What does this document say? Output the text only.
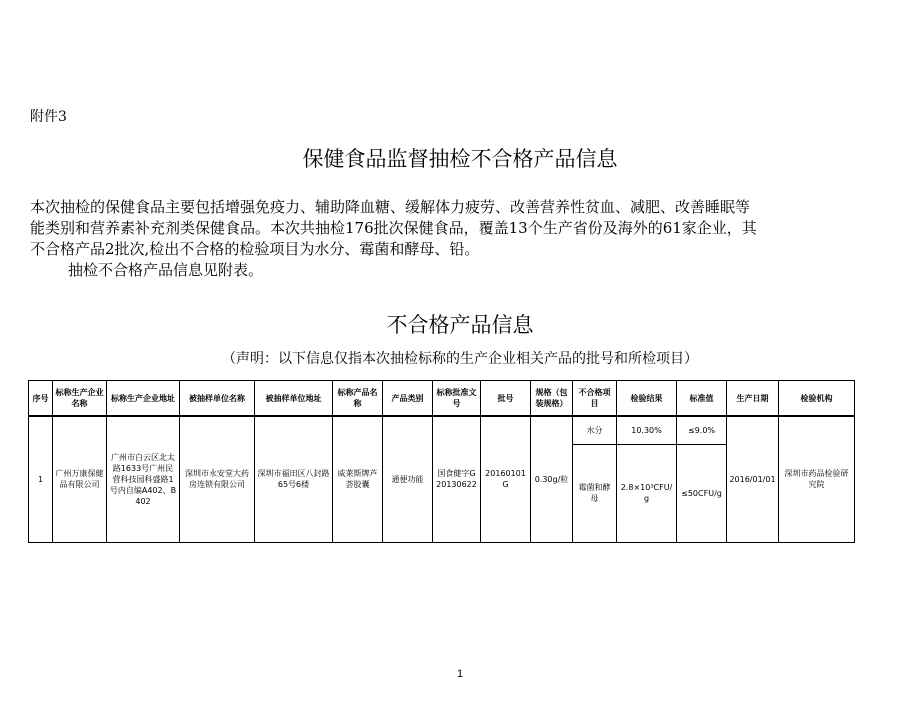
附件3
保健食品监督抽检不合格产品信息
本次抽检的保健食品主要包括增强免疫力、辅助降血糖、缓解体力疲劳、改善营养性贫血、减肥、改善睡眠等
能类别和营养素补充剂类保健食品。本次共抽检176批次保健食品，覆盖13个生产省份及海外的61家企业，其
不合格产品2批次,检出不合格的检验项目为水分、霉菌和酵母、铅。
抽检不合格产品信息见附表。
不合格产品信息
（声明：以下信息仅指本次抽检标称的生产企业相关产品的批号和所检项目）
序号	标称生产企业名称	标称生产企业地址	被抽样单位名称	被抽样单位地址	标称产品名称	产品类别	标称批准文号	批号	规格（包装规格）	不合格项目	检验结果	标准值	生产日期	检验机构
1	广州万康保健品有限公司	广州市白云区北太路1633号广州民营科技园科盛路1号内自编A402、B402	深圳市永安堂大药房连锁有限公司	深圳市福田区八封路65号6楼	威莱斯牌芦荟胶囊	通便功能	国食健字G20130622	20160101G	0.30g/粒	水分	10.30%	≤9.0%	2016/01/01	深圳市药品检验研究院
										霉菌和酵母	2.8×10³CFU/g	≤50CFU/g		
1
